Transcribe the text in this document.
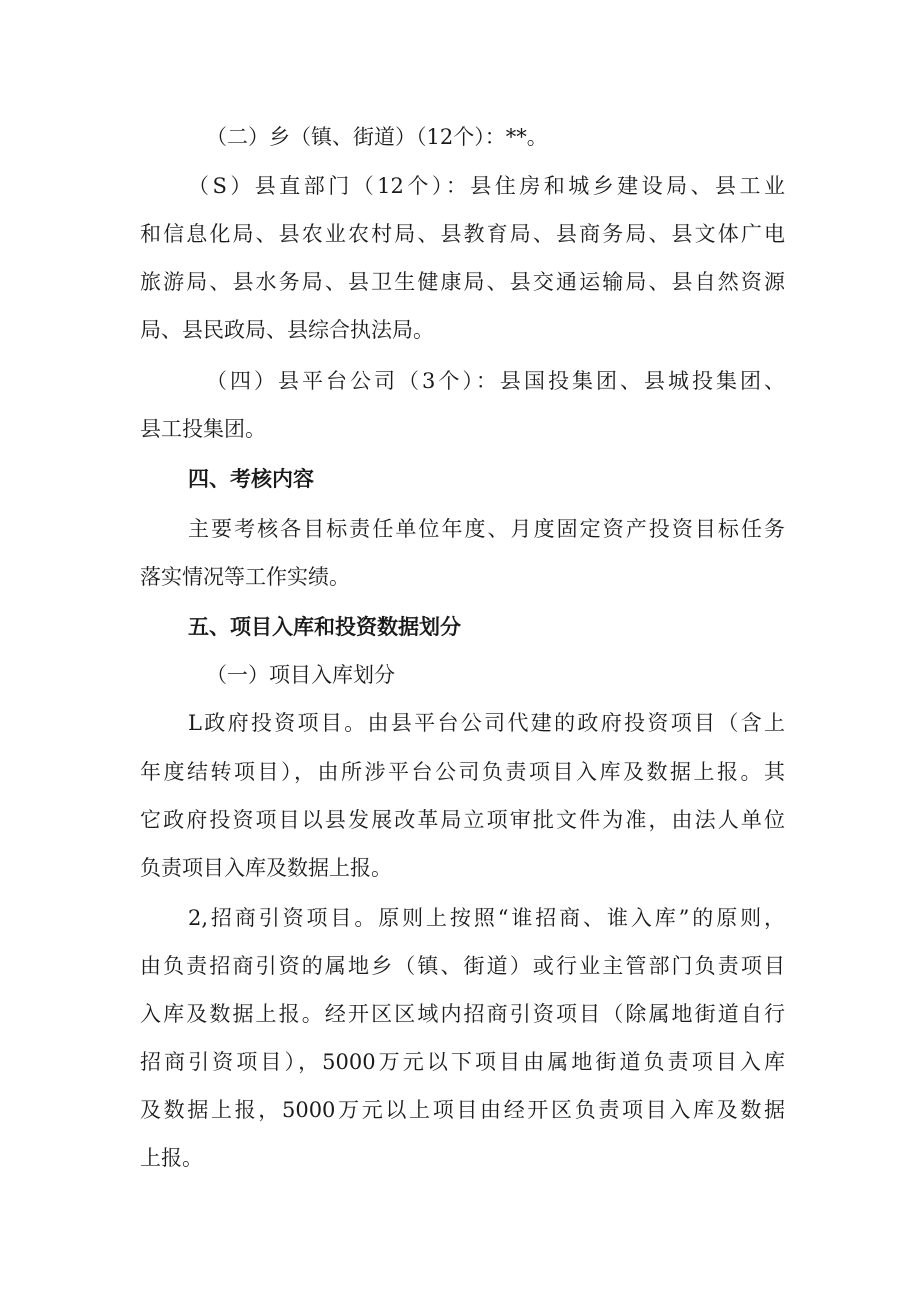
（二）乡（镇、街道）（12个）：**。
（S）县直部门（12个）：县住房和城乡建设局、县工业
和信息化局、县农业农村局、县教育局、县商务局、县文体广电
旅游局、县水务局、县卫生健康局、县交通运输局、县自然资源
局、县民政局、县综合执法局。
（四）县平台公司（3个）：县国投集团、县城投集团、
县工投集团。
四、考核内容
主要考核各目标责任单位年度、月度固定资产投资目标任务
落实情况等工作实绩。
五、项目入库和投资数据划分
（一）项目入库划分
L政府投资项目。由县平台公司代建的政府投资项目（含上
年度结转项目），由所涉平台公司负责项目入库及数据上报。其
它政府投资项目以县发展改革局立项审批文件为准，由法人单位
负责项目入库及数据上报。
2,招商引资项目。原则上按照“谁招商、谁入库”的原则，
由负责招商引资的属地乡（镇、街道）或行业主管部门负责项目
入库及数据上报。经开区区域内招商引资项目（除属地街道自行
招商引资项目），5000万元以下项目由属地街道负责项目入库
及数据上报，5000万元以上项目由经开区负责项目入库及数据
上报。
